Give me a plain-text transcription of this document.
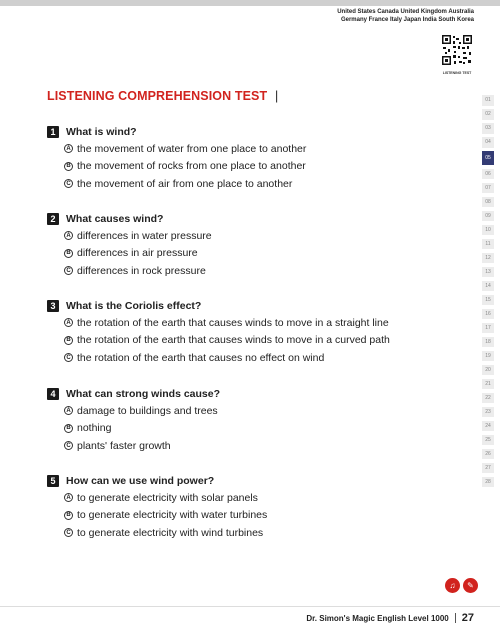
United States Canada United Kingdom Australia
Germany France Italy Japan India South Korea
LISTENING TEST
LISTENING COMPREHENSION TEST |
1	What is wind?
A the movement of water from one place to another
B the movement of rocks from one place to another
C the movement of air from one place to another
2	What causes wind?
A differences in water pressure
B differences in air pressure
C differences in rock pressure
3	What is the Coriolis effect?
A the rotation of the earth that causes winds to move in a straight line
B the rotation of the earth that causes winds to move in a curved path
C the rotation of the earth that causes no effect on wind
4	What can strong winds cause?
A damage to buildings and trees
B nothing
C plants' faster growth
5	How can we use wind power?
A to generate electricity with solar panels
B to generate electricity with water turbines
C to generate electricity with wind turbines
01
02
03
04
05
06
07
08
09
10
11
12
13
14
15
16
17
18
19
20
21
22
23
24
25
26
27
28
♫	✎
Dr. Simon's Magic English Level 1000 27
